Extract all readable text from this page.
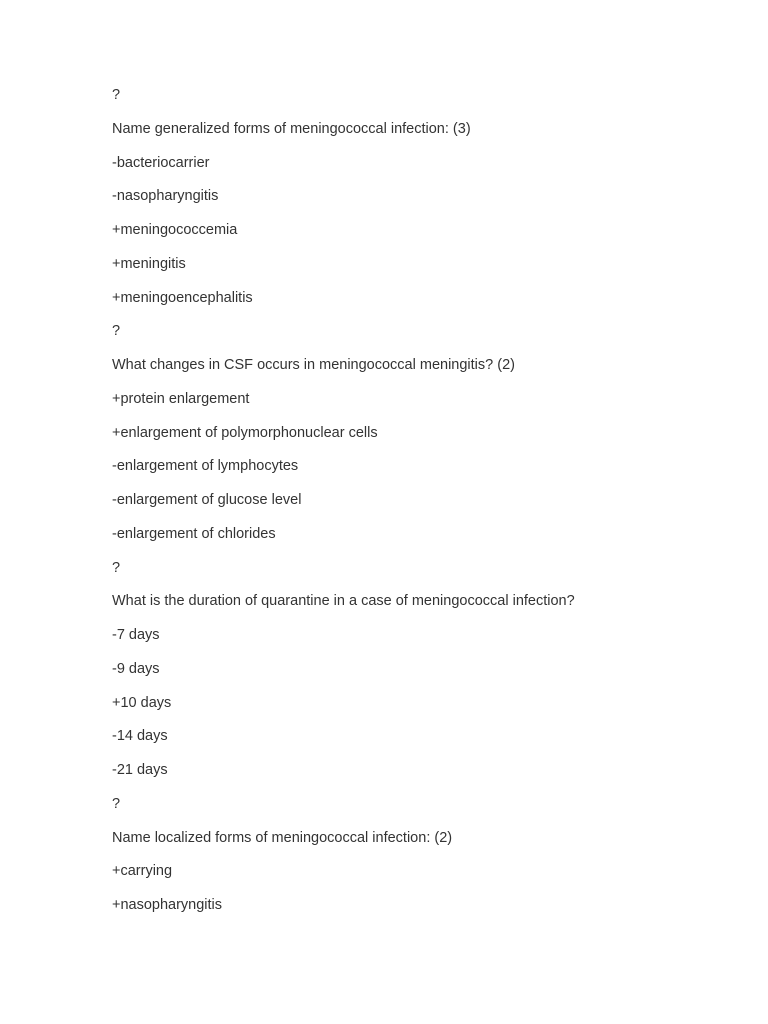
?
Name generalized forms of meningococcal infection: (3)
-bacteriocarrier
-nasopharyngitis
+meningococcemia
+meningitis
+meningoencephalitis
?
What changes in CSF occurs in meningococcal meningitis? (2)
+protein enlargement
+enlargement of polymorphonuclear cells
-enlargement of lymphocytes
-enlargement of glucose level
-enlargement of chlorides
?
What is the duration of quarantine in a case of meningococcal infection?
-7 days
-9 days
+10 days
-14 days
-21 days
?
Name localized forms of meningococcal infection: (2)
+carrying
+nasopharyngitis
